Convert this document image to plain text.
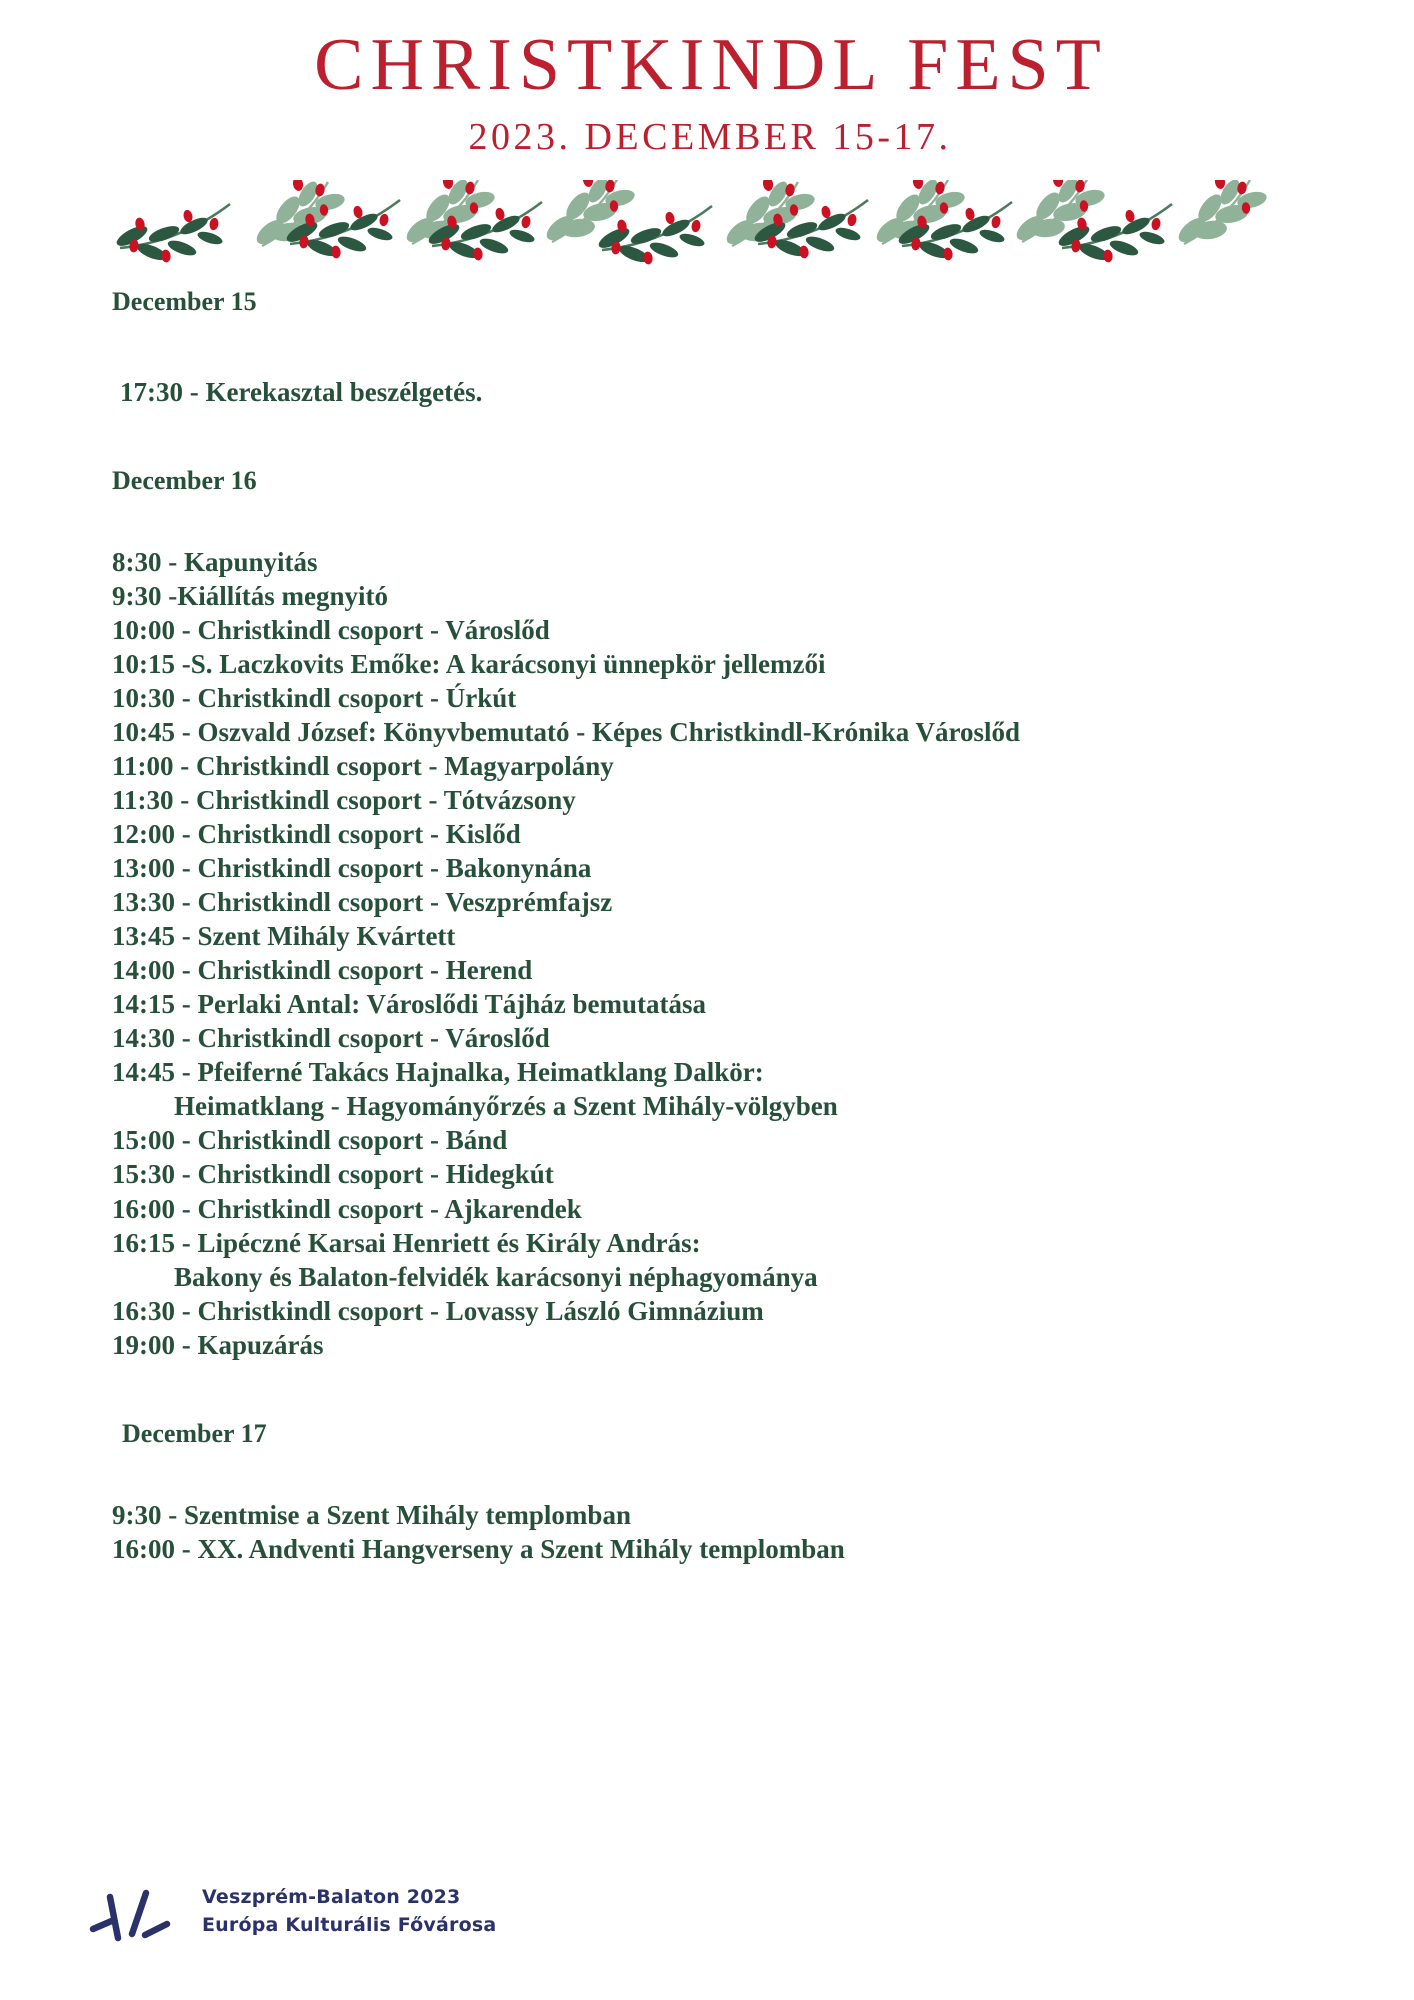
CHRISTKINDL FEST
2023. DECEMBER 15-17.
December 15
17:30 - Kerekasztal beszélgetés.
December 16
8:30 - Kapunyitás
9:30 -Kiállítás megnyitó
10:00 - Christkindl csoport - Városlőd
10:15 -S. Laczkovits Emőke: A karácsonyi ünnepkör jellemzői
10:30 - Christkindl csoport - Úrkút
10:45 - Oszvald József: Könyvbemutató - Képes Christkindl-Krónika Városlőd
11:00 - Christkindl csoport - Magyarpolány
11:30 - Christkindl csoport - Tótvázsony
12:00 - Christkindl csoport - Kislőd
13:00 - Christkindl csoport - Bakonynána
13:30 - Christkindl csoport - Veszprémfajsz
13:45 - Szent Mihály Kvártett
14:00 - Christkindl csoport - Herend
14:15 - Perlaki Antal: Városlődi Tájház bemutatása
14:30 - Christkindl csoport - Városlőd
14:45 - Pfeiferné Takács Hajnalka, Heimatklang Dalkör:
Heimatklang - Hagyományőrzés a Szent Mihály-völgyben
15:00 - Christkindl csoport - Bánd
15:30 - Christkindl csoport - Hidegkút
16:00 - Christkindl csoport - Ajkarendek
16:15 - Lipéczné Karsai Henriett és Király András:
Bakony és Balaton-felvidék karácsonyi néphagyománya
16:30 - Christkindl csoport - Lovassy László Gimnázium
19:00 - Kapuzárás
December 17
9:30 - Szentmise a Szent Mihály templomban
16:00 - XX. Andventi Hangverseny a Szent Mihály templomban
Veszprém-Balaton 2023
Európa Kulturális Fővárosa
